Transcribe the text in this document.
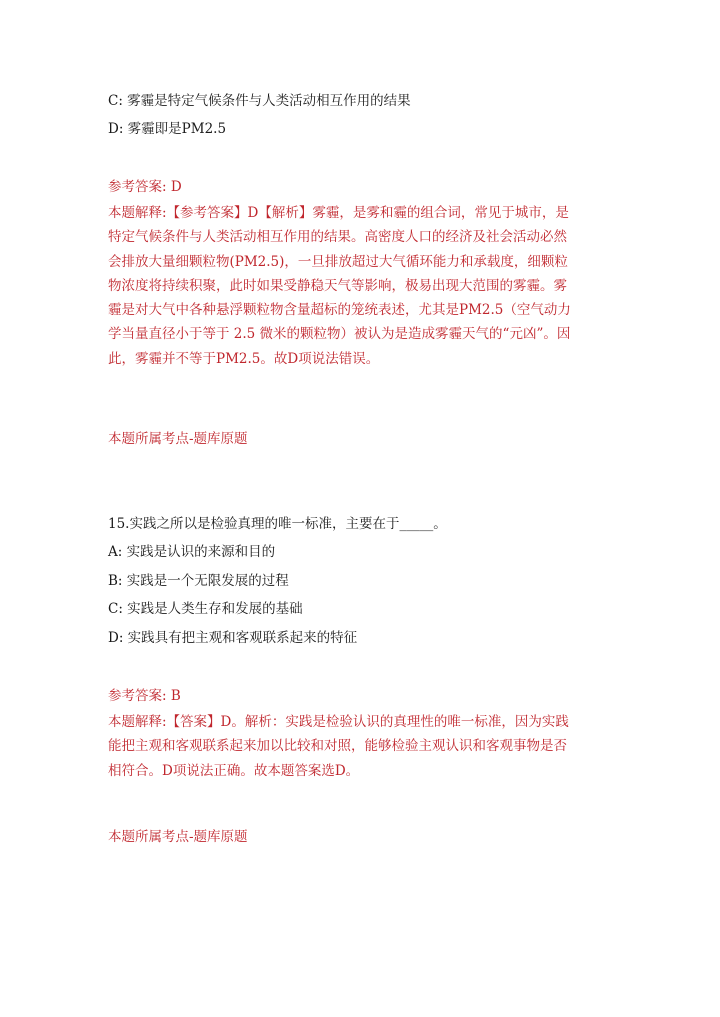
C: 雾霾是特定气候条件与人类活动相互作用的结果
D: 雾霾即是PM2.5
参考答案: D
本题解释:【参考答案】D【解析】雾霾，是雾和霾的组合词，常见于城市，是
特定气候条件与人类活动相互作用的结果。高密度人口的经济及社会活动必然
会排放大量细颗粒物(PM2.5)，一旦排放超过大气循环能力和承载度，细颗粒
物浓度将持续积聚，此时如果受静稳天气等影响，极易出现大范围的雾霾。雾
霾是对大气中各种悬浮颗粒物含量超标的笼统表述，尤其是PM2.5（空气动力
学当量直径小于等于 2.5 微米的颗粒物）被认为是造成雾霾天气的“元凶”。因
此，雾霾并不等于PM2.5。故D项说法错误。
本题所属考点-题库原题
15.实践之所以是检验真理的唯一标准，主要在于_____。
A: 实践是认识的来源和目的
B: 实践是一个无限发展的过程
C: 实践是人类生存和发展的基础
D: 实践具有把主观和客观联系起来的特征
参考答案: B
本题解释:【答案】D。解析：实践是检验认识的真理性的唯一标准，因为实践
能把主观和客观联系起来加以比较和对照，能够检验主观认识和客观事物是否
相符合。D项说法正确。故本题答案选D。
本题所属考点-题库原题
